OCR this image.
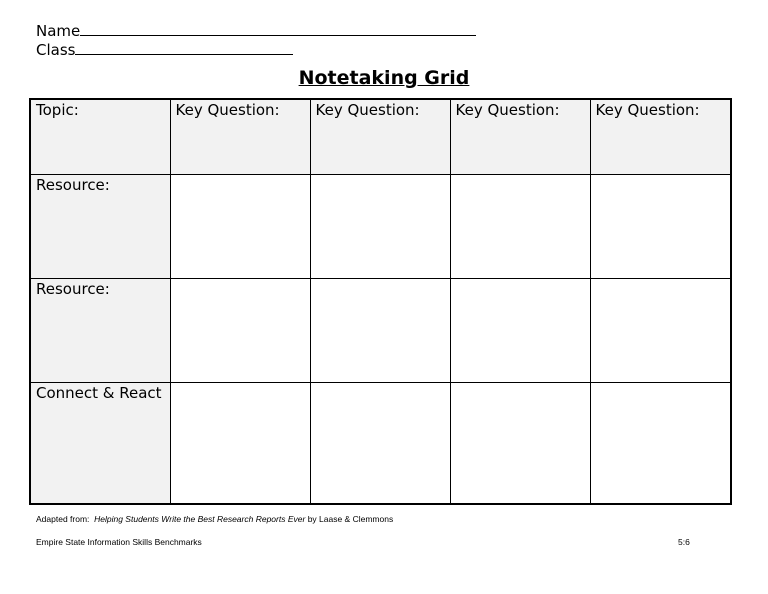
Name
Class
Notetaking Grid
Topic:	Key Question:	Key Question:	Key Question:	Key Question:
Resource:				
Resource:				
Connect & React				
Adapted from: Helping Students Write the Best Research Reports Ever by Laase & Clemmons
Empire State Information Skills Benchmarks	5:6
